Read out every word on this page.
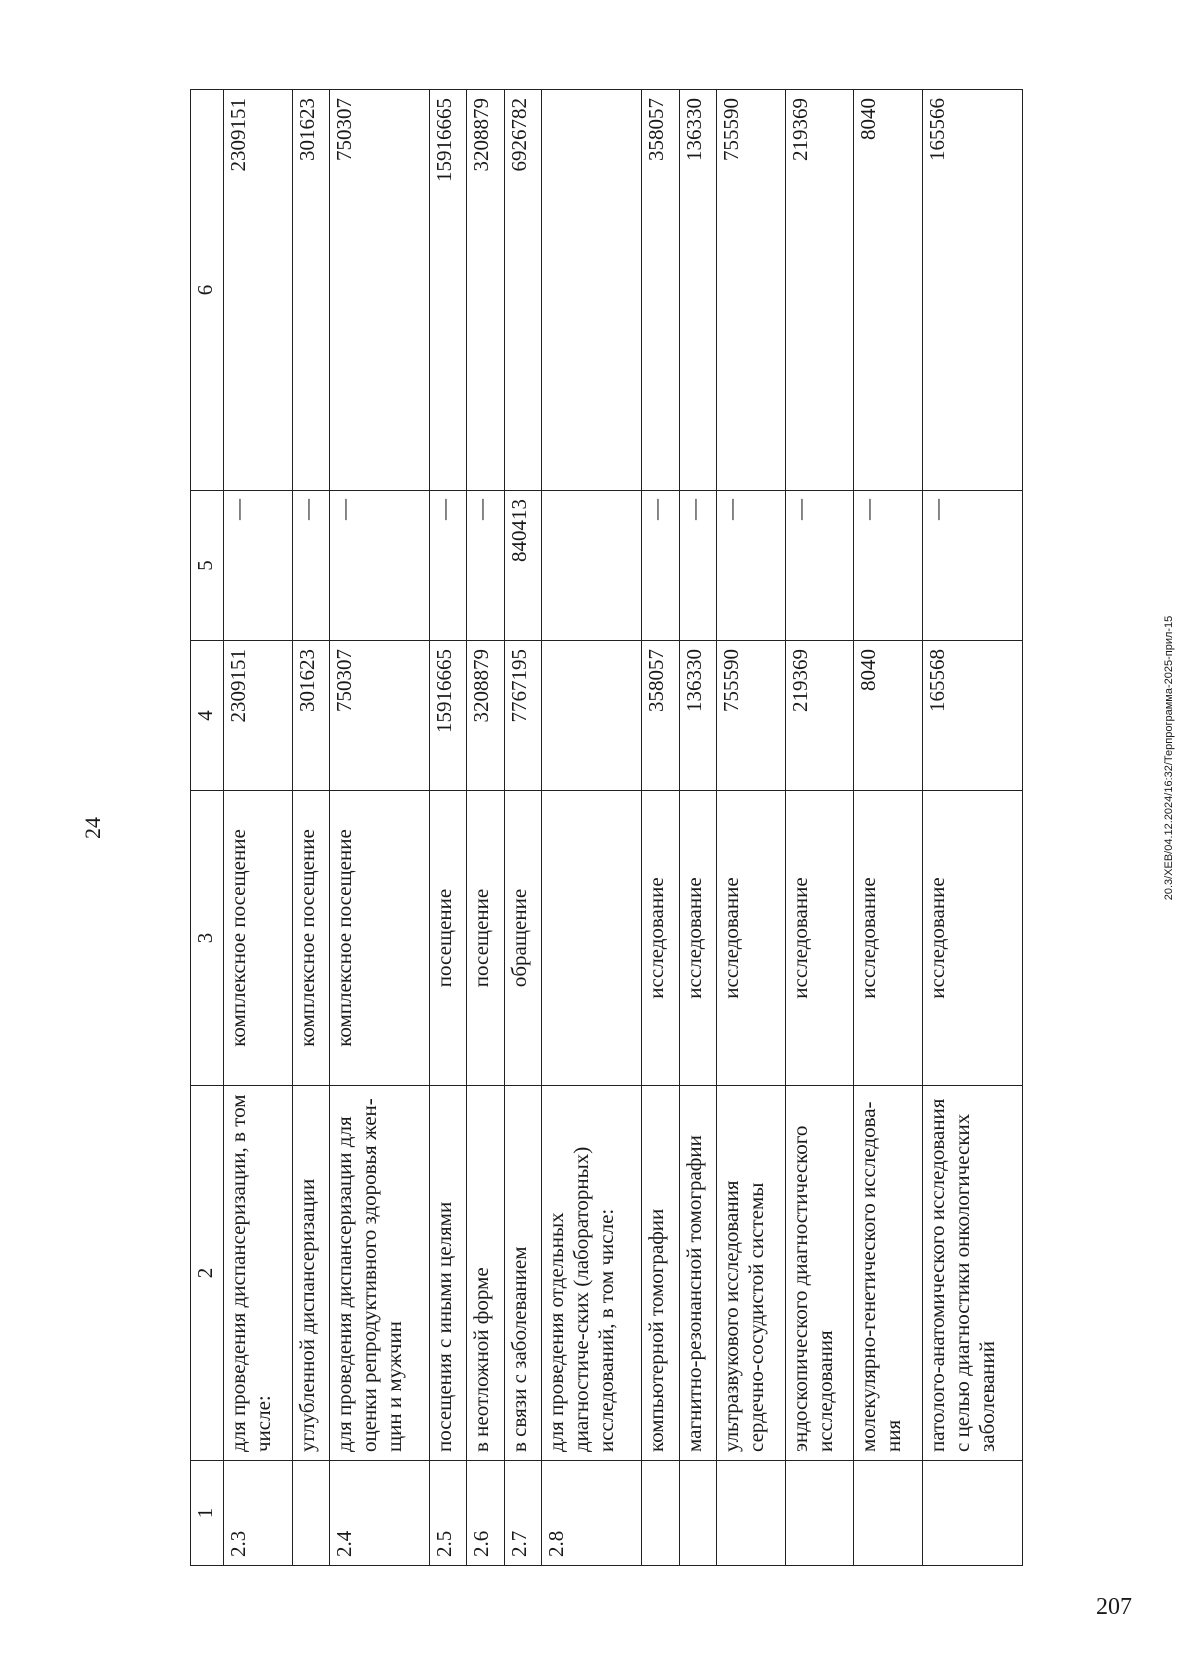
24
1	2	3	4	5	6
2.3	для проведения диспансеризации, в том числе:	комплексное посещение	2309151	—	2309151
	углубленной диспансеризации	комплексное посещение	301623	—	301623
2.4	для проведения диспансеризации для оценки репродуктивного здоровья жен-щин и мужчин	комплексное посещение	750307	—	750307
2.5	посещения с иными целями	посещение	15916665	—	15916665
2.6	в неотложной форме	посещение	3208879	—	3208879
2.7	в связи с заболеванием	обращение	7767195	840413	6926782
2.8	для проведения отдельных диагностиче-ских (лабораторных) исследований, в том числе:				
	компьютерной томографии	исследование	358057	—	358057
	магнитно-резонансной томографии	исследование	136330	—	136330
	ультразвукового исследования сердечно-сосудистой системы	исследование	755590	—	755590
	эндоскопического диагностического исследования	исследование	219369	—	219369
	молекулярно-генетического исследова-ния	исследование	8040	—	8040
	патолого-анатомического исследования с целью диагностики онкологических заболеваний	исследование	165568	—	165566
20.3/ХЕВ/04.12.2024/16:32/Терпрограмма-2025-прил-15
207
